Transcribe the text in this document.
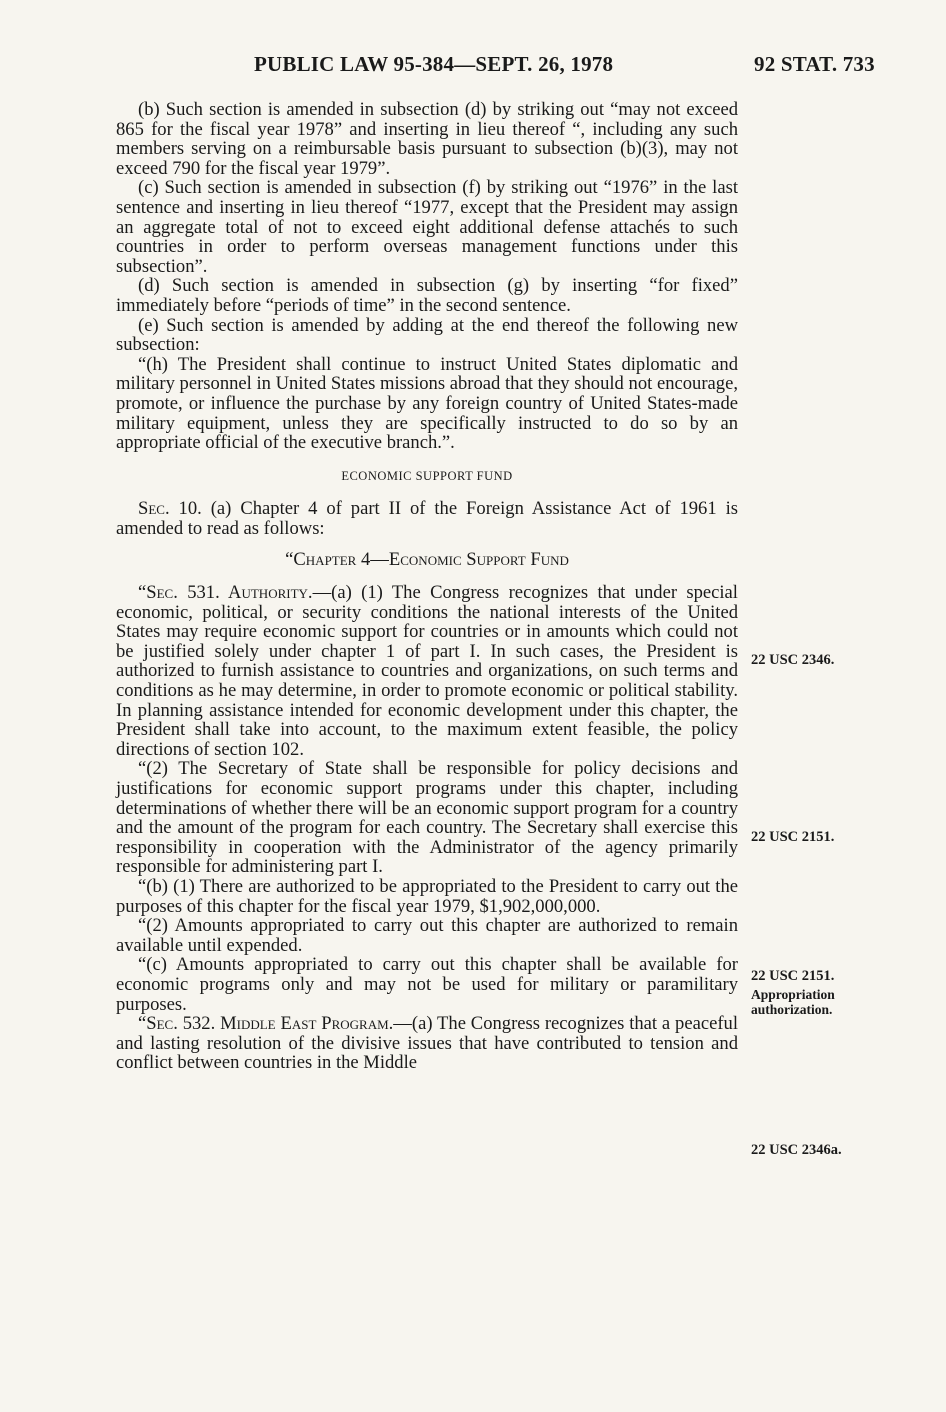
PUBLIC LAW 95-384—SEPT. 26, 1978	92 STAT. 733

(b) Such section is amended in subsection (d) by striking out “may not exceed 865 for the fiscal year 1978” and inserting in lieu thereof “, including any such members serving on a reimbursable basis pursuant to subsection (b)(3), may not exceed 790 for the fiscal year 1979”.

(c) Such section is amended in subsection (f) by striking out “1976” in the last sentence and inserting in lieu thereof “1977, except that the President may assign an aggregate total of not to exceed eight additional defense attachés to such countries in order to perform overseas management functions under this subsection”.

(d) Such section is amended in subsection (g) by inserting “for fixed” immediately before “periods of time” in the second sentence.

(e) Such section is amended by adding at the end thereof the following new subsection:

“(h) The President shall continue to instruct United States diplomatic and military personnel in United States missions abroad that they should not encourage, promote, or influence the purchase by any foreign country of United States-made military equipment, unless they are specifically instructed to do so by an appropriate official of the executive branch.”.

ECONOMIC SUPPORT FUND

Sec. 10. (a) Chapter 4 of part II of the Foreign Assistance Act of 1961 is amended to read as follows:

“Chapter 4—Economic Support Fund

“Sec. 531. Authority.—(a) (1) The Congress recognizes that under special economic, political, or security conditions the national interests of the United States may require economic support for countries or in amounts which could not be justified solely under chapter 1 of part I. In such cases, the President is authorized to furnish assistance to countries and organizations, on such terms and conditions as he may determine, in order to promote economic or political stability. In planning assistance intended for economic development under this chapter, the President shall take into account, to the maximum extent feasible, the policy directions of section 102.

“(2) The Secretary of State shall be responsible for policy decisions and justifications for economic support programs under this chapter, including determinations of whether there will be an economic support program for a country and the amount of the program for each country. The Secretary shall exercise this responsibility in cooperation with the Administrator of the agency primarily responsible for administering part I.

“(b) (1) There are authorized to be appropriated to the President to carry out the purposes of this chapter for the fiscal year 1979, $1,902,000,000.

“(2) Amounts appropriated to carry out this chapter are authorized to remain available until expended.

“(c) Amounts appropriated to carry out this chapter shall be available for economic programs only and may not be used for military or paramilitary purposes.

“Sec. 532. Middle East Program.—(a) The Congress recognizes that a peaceful and lasting resolution of the divisive issues that have contributed to tension and conflict between countries in the Middle

22 USC 2346.
22 USC 2151.
22 USC 2151.
Appropriation
authorization.
22 USC 2346a.
